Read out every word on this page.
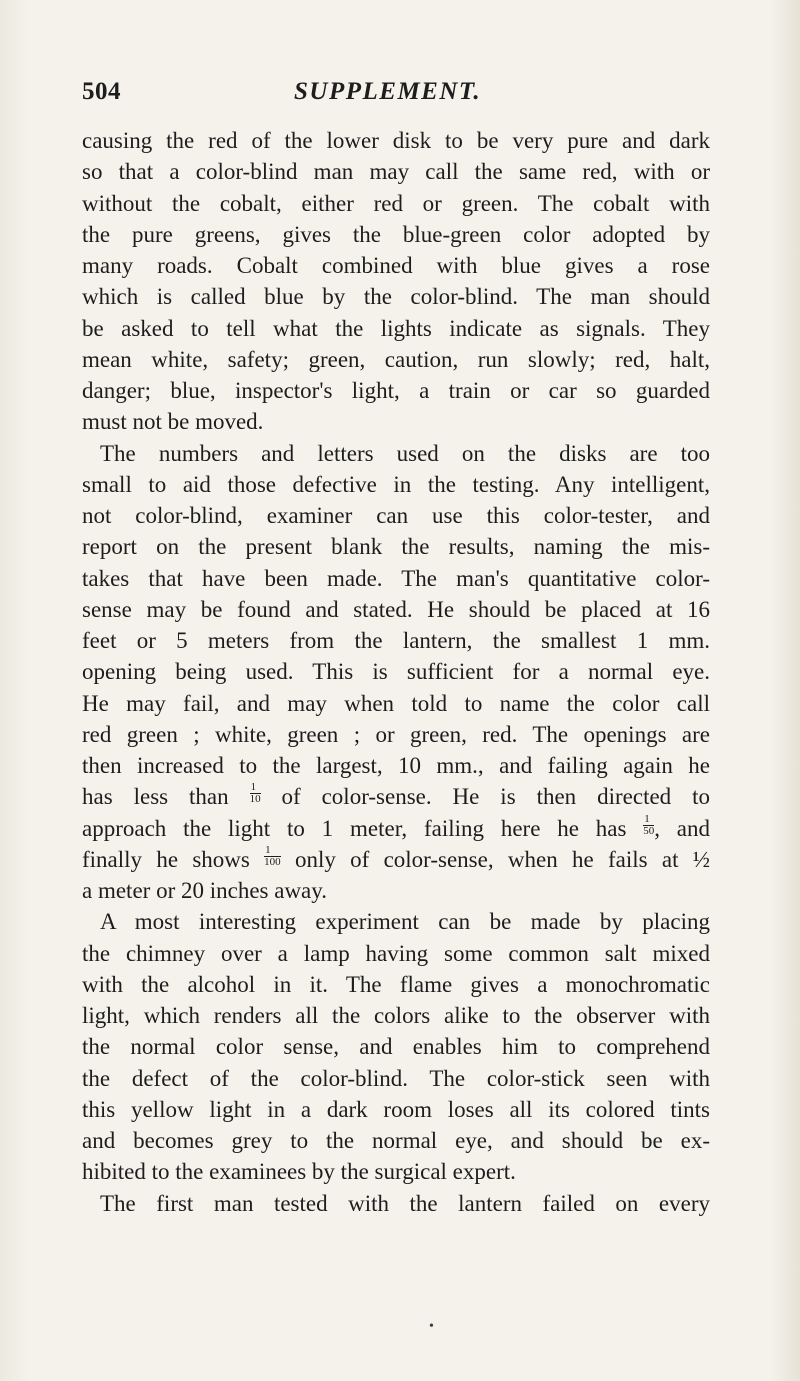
504	SUPPLEMENT.
causing the red of the lower disk to be very pure and dark
so that a color-blind man may call the same red, with or
without the cobalt, either red or green. The cobalt with
the pure greens, gives the blue-green color adopted by
many roads. Cobalt combined with blue gives a rose
which is called blue by the color-blind. The man should
be asked to tell what the lights indicate as signals. They
mean white, safety; green, caution, run slowly; red, halt,
danger; blue, inspector's light, a train or car so guarded
must not be moved.
The numbers and letters used on the disks are too
small to aid those defective in the testing. Any intelligent,
not color-blind, examiner can use this color-tester, and
report on the present blank the results, naming the mis-
takes that have been made. The man's quantitative color-
sense may be found and stated. He should be placed at 16
feet or 5 meters from the lantern, the smallest 1 mm.
opening being used. This is sufficient for a normal eye.
He may fail, and may when told to name the color call
red green ; white, green ; or green, red. The openings are
then increased to the largest, 10 mm., and failing again he
has less than $\frac{1}{10}$ of color-sense. He is then directed to
approach the light to 1 meter, failing here he has $\frac{1}{50}$ , and
finally he shows $\frac{1}{100}$ only of color-sense, when he fails at ½
a meter or 20 inches away.
A most interesting experiment can be made by placing
the chimney over a lamp having some common salt mixed
with the alcohol in it. The flame gives a monochromatic
light, which renders all the colors alike to the observer with
the normal color sense, and enables him to comprehend
the defect of the color-blind. The color-stick seen with
this yellow light in a dark room loses all its colored tints
and becomes grey to the normal eye, and should be ex-
hibited to the examinees by the surgical expert.
The first man tested with the lantern failed on every
•
